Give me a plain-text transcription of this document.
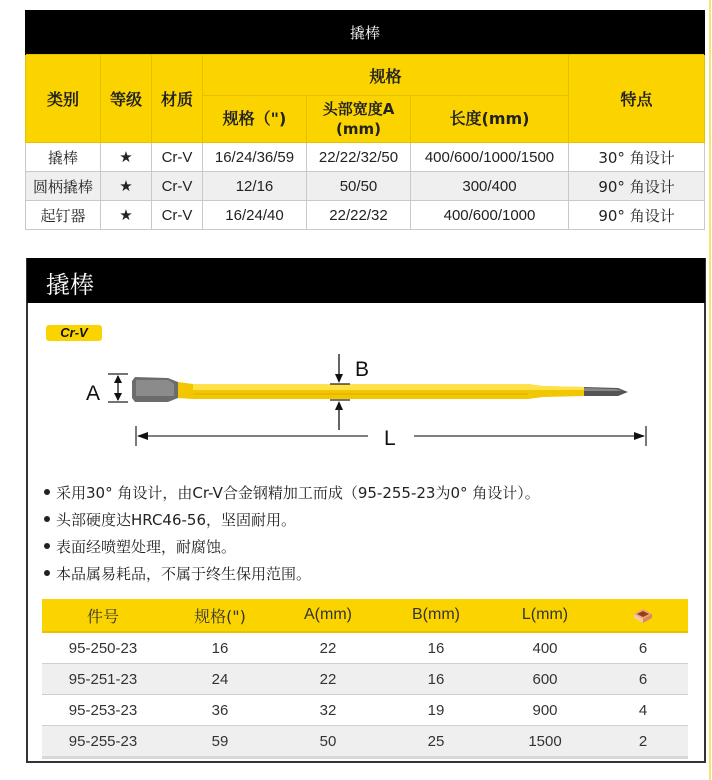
撬棒						
类别	等级	材质	规格			特点
			规格（")	头部宽度A(mm)	长度(mm)	
撬棒	★	Cr-V	16/24/36/59	22/22/32/50	400/600/1000/1500	30° 角设计
圆柄撬棒	★	Cr-V	12/16	50/50	300/400	90° 角设计
起钉器	★	Cr-V	16/24/40	22/22/32	400/600/1000	90° 角设计
撬棒
Cr-V
A
B
L
采用30° 角设计，由Cr-V合金钢精加工而成（95-255-23为0° 角设计）。
头部硬度达HRC46-56，坚固耐用。
表面经喷塑处理，耐腐蚀。
本品属易耗品，不属于终生保用范围。
件号	规格(")	A(mm)	B(mm)	L(mm)	
95-250-23	16	22	16	400	6
95-251-23	24	22	16	600	6
95-253-23	36	32	19	900	4
95-255-23	59	50	25	1500	2
